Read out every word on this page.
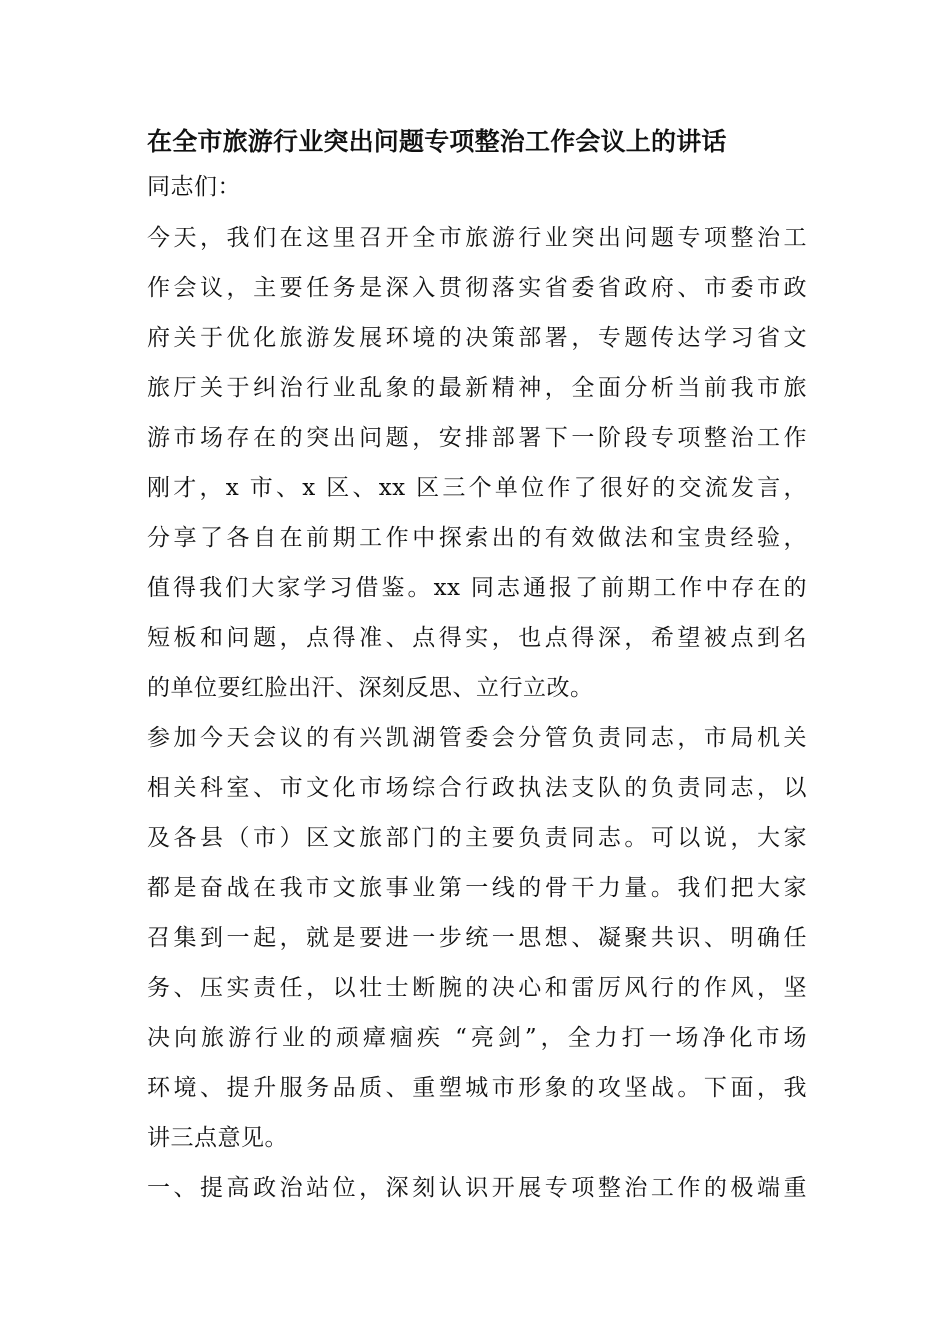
在全市旅游行业突出问题专项整治工作会议上的讲话
同志们：
今天，我们在这里召开全市旅游行业突出问题专项整治工
作会议，主要任务是深入贯彻落实省委省政府、市委市政
府关于优化旅游发展环境的决策部署，专题传达学习省文
旅厅关于纠治行业乱象的最新精神，全面分析当前我市旅
游市场存在的突出问题，安排部署下一阶段专项整治工作
刚才，x 市、x 区、xx 区三个单位作了很好的交流发言，
分享了各自在前期工作中探索出的有效做法和宝贵经验，
值得我们大家学习借鉴。xx 同志通报了前期工作中存在的
短板和问题，点得准、点得实，也点得深，希望被点到名
的单位要红脸出汗、深刻反思、立行立改。
参加今天会议的有兴凯湖管委会分管负责同志，市局机关
相关科室、市文化市场综合行政执法支队的负责同志，以
及各县（市）区文旅部门的主要负责同志。可以说，大家
都是奋战在我市文旅事业第一线的骨干力量。我们把大家
召集到一起，就是要进一步统一思想、凝聚共识、明确任
务、压实责任，以壮士断腕的决心和雷厉风行的作风，坚
决向旅游行业的顽瘴痼疾 “亮剑”，全力打一场净化市场
环境、提升服务品质、重塑城市形象的攻坚战。下面，我
讲三点意见。
一、提高政治站位，深刻认识开展专项整治工作的极端重
